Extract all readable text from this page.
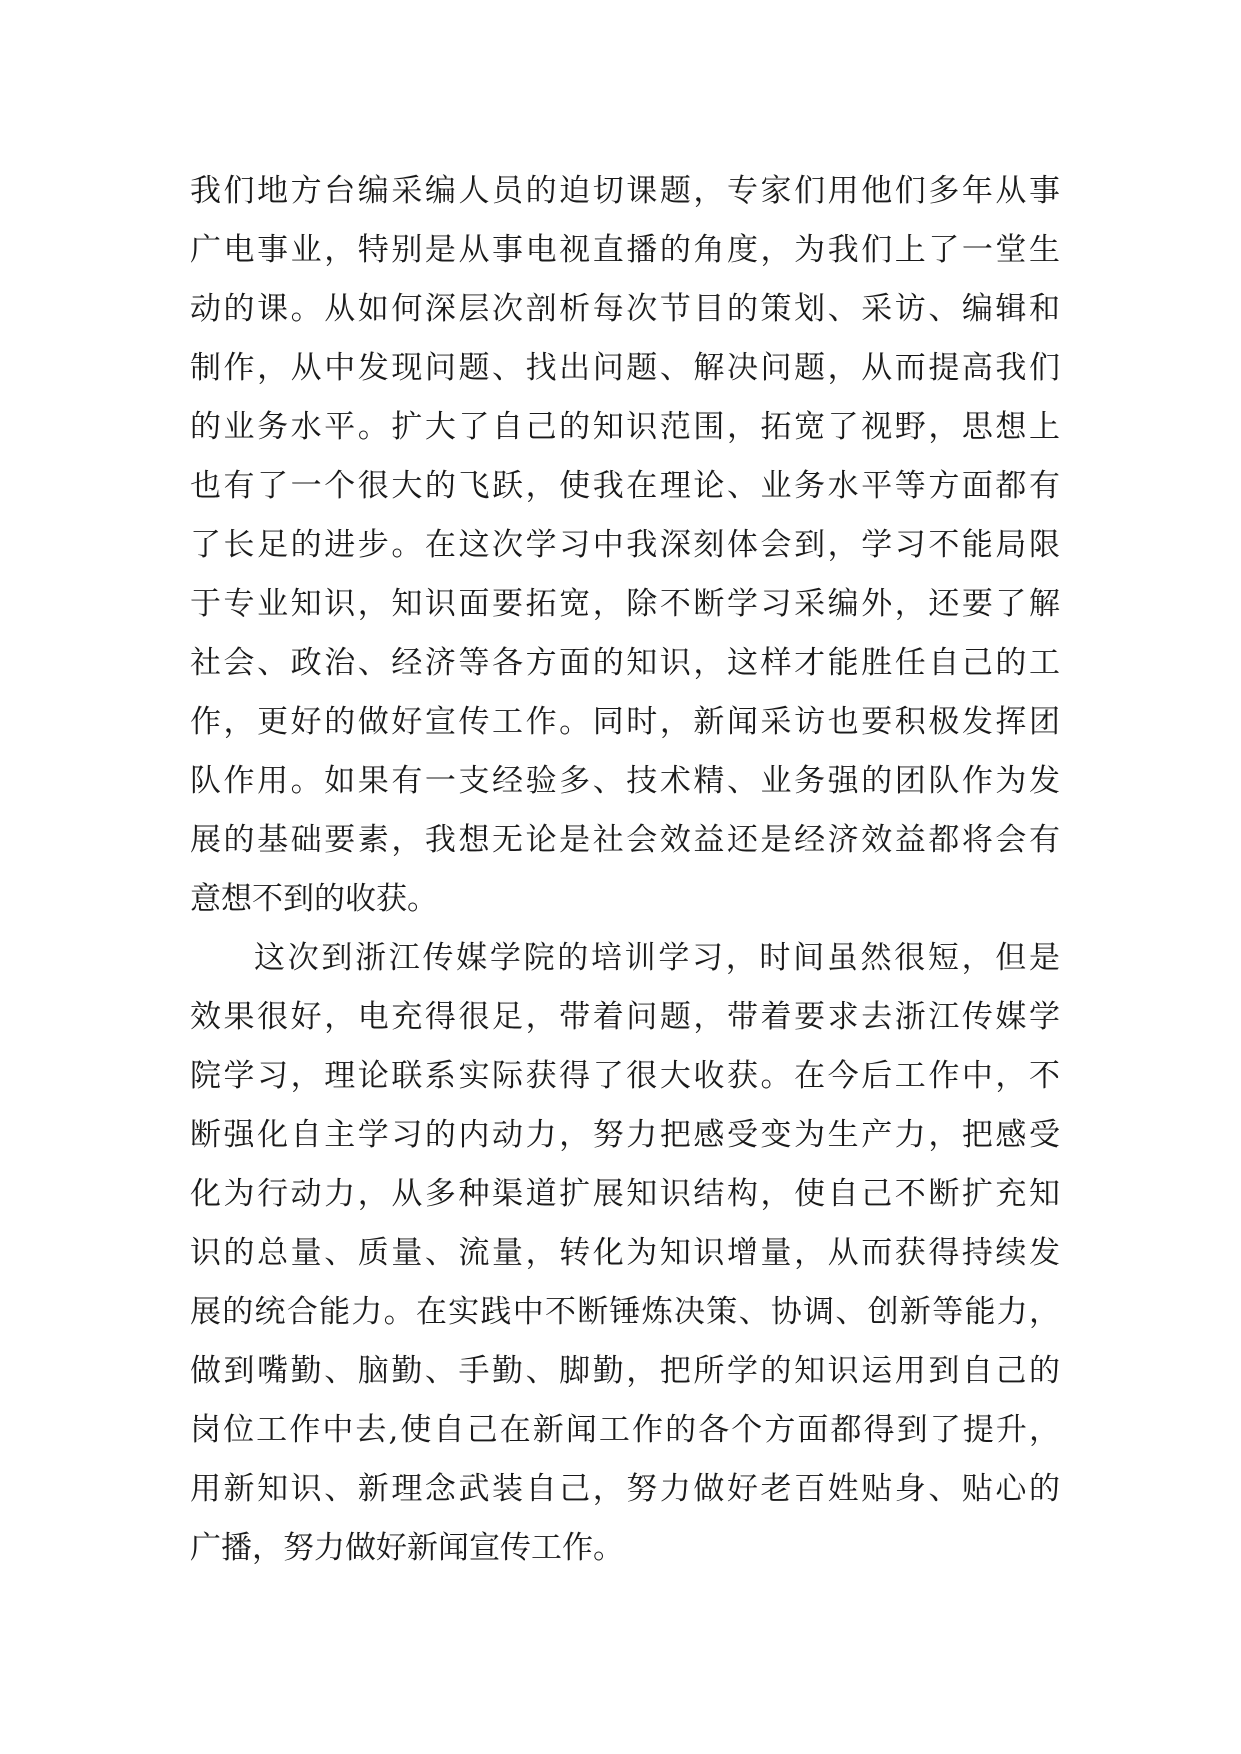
我们地方台编采编人员的迫切课题，专家们用他们多年从事
广电事业，特别是从事电视直播的角度，为我们上了一堂生
动的课。从如何深层次剖析每次节目的策划、采访、编辑和
制作，从中发现问题、找出问题、解决问题，从而提高我们
的业务水平。扩大了自己的知识范围，拓宽了视野，思想上
也有了一个很大的飞跃，使我在理论、业务水平等方面都有
了长足的进步。在这次学习中我深刻体会到，学习不能局限
于专业知识，知识面要拓宽，除不断学习采编外，还要了解
社会、政治、经济等各方面的知识，这样才能胜任自己的工
作，更好的做好宣传工作。同时，新闻采访也要积极发挥团
队作用。如果有一支经验多、技术精、业务强的团队作为发
展的基础要素，我想无论是社会效益还是经济效益都将会有
意想不到的收获。
这次到浙江传媒学院的培训学习，时间虽然很短，但是
效果很好，电充得很足，带着问题，带着要求去浙江传媒学
院学习，理论联系实际获得了很大收获。在今后工作中，不
断强化自主学习的内动力，努力把感受变为生产力，把感受
化为行动力，从多种渠道扩展知识结构，使自己不断扩充知
识的总量、质量、流量，转化为知识增量，从而获得持续发
展的统合能力。在实践中不断锤炼决策、协调、创新等能力，
做到嘴勤、脑勤、手勤、脚勤，把所学的知识运用到自己的
岗位工作中去,使自己在新闻工作的各个方面都得到了提升，
用新知识、新理念武装自己，努力做好老百姓贴身、贴心的
广播，努力做好新闻宣传工作。
